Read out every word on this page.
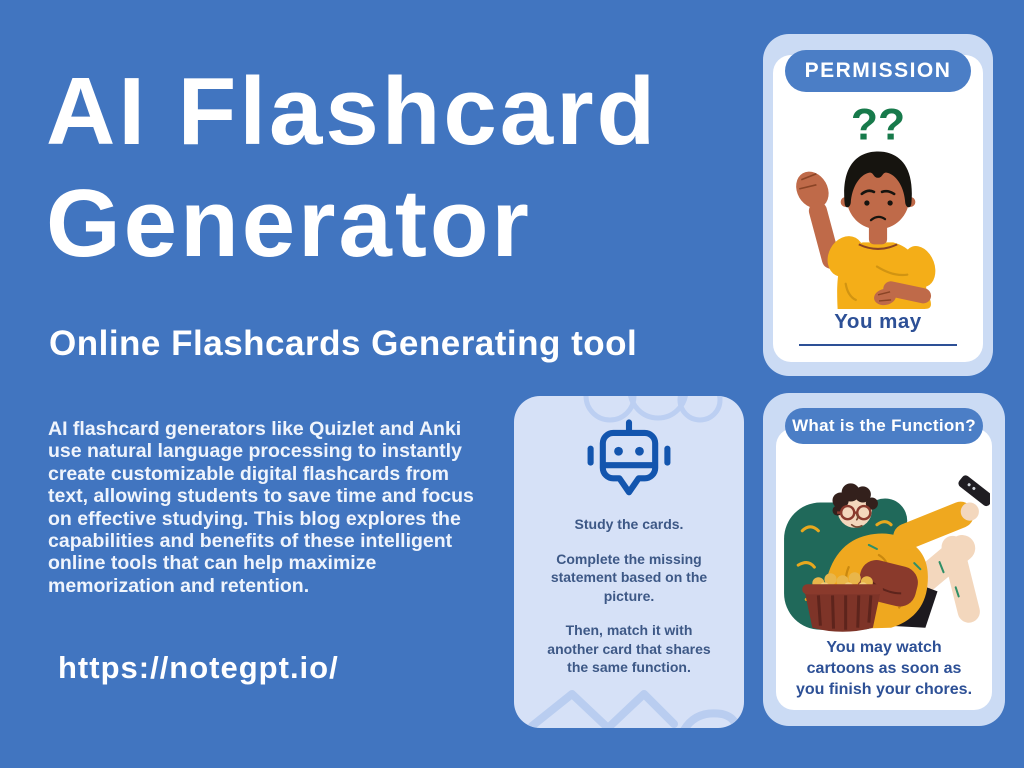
AI Flashcard
Generator
Online Flashcards Generating tool
AI flashcard generators like Quizlet and Anki use natural language processing to instantly create customizable digital flashcards from text, allowing students to save time and focus on effective studying. This blog explores the capabilities and benefits of these intelligent online tools that can help maximize memorization and retention.
https://notegpt.io/

Study the cards.

Complete the missing statement based on the picture.

Then, match it with another card that shares the same function.

??
You may
PERMISSION
You may watch cartoons as soon as you finish your chores.
What is the Function?
